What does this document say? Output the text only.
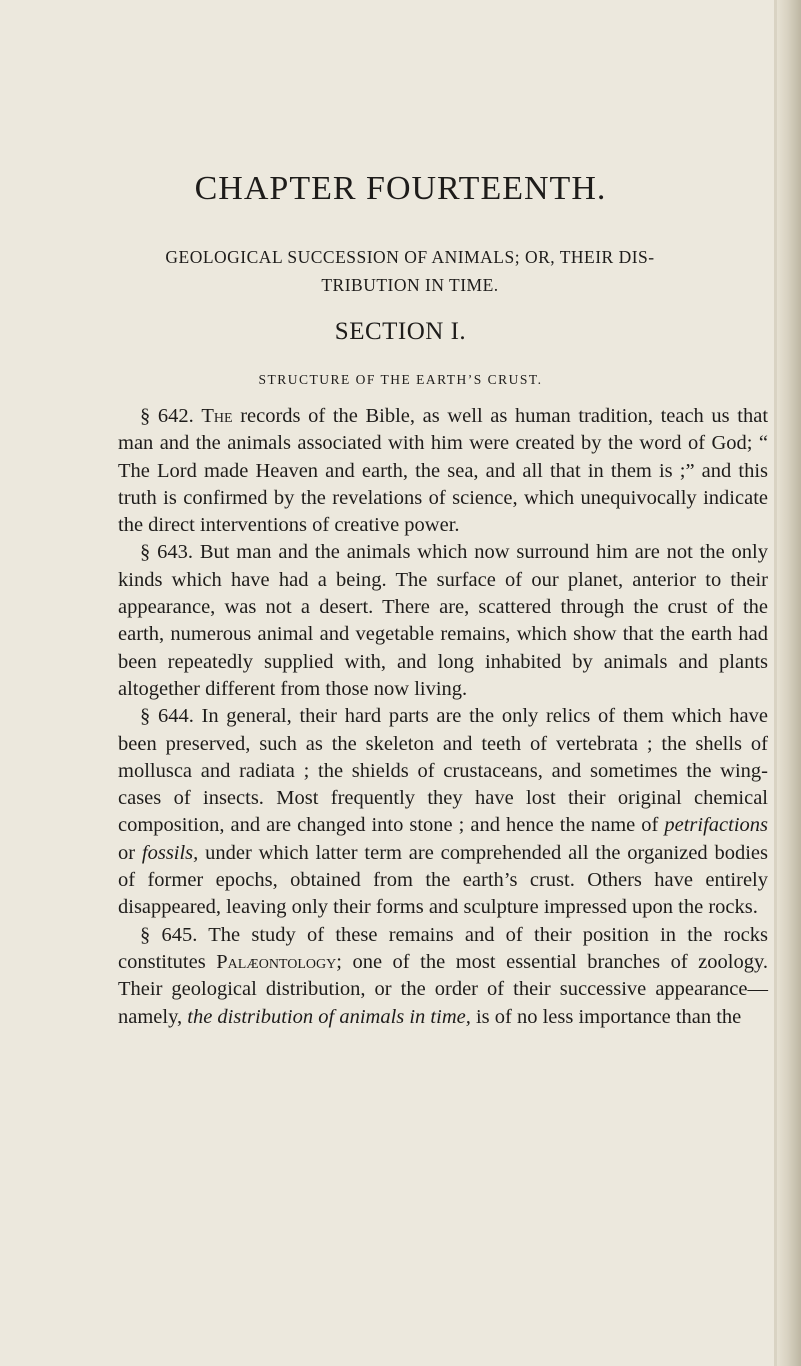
CHAPTER FOURTEENTH.
GEOLOGICAL SUCCESSION OF ANIMALS; OR, THEIR DIS-
TRIBUTION IN TIME.
SECTION I.
STRUCTURE OF THE EARTH’S CRUST.

§ 642. The records of the Bible, as well as human tradition, teach us that man and the animals associated with him were created by the word of God; “ The Lord made Heaven and earth, the sea, and all that in them is ;” and this truth is confirmed by the revelations of science, which unequivocally indicate the direct interventions of creative power.

§ 643. But man and the animals which now surround him are not the only kinds which have had a being. The surface of our planet, anterior to their appearance, was not a desert. There are, scattered through the crust of the earth, numerous animal and vegetable remains, which show that the earth had been repeatedly supplied with, and long inhabited by animals and plants altogether different from those now living.

§ 644. In general, their hard parts are the only relics of them which have been preserved, such as the skeleton and teeth of vertebrata ; the shells of mollusca and radiata ; the shields of crustaceans, and sometimes the wing-cases of insects. Most frequently they have lost their original chemical composition, and are changed into stone ; and hence the name of petrifactions or fossils, under which latter term are comprehended all the organized bodies of former epochs, obtained from the earth’s crust. Others have entirely disappeared, leaving only their forms and sculpture impressed upon the rocks.

§ 645. The study of these remains and of their position in the rocks constitutes Palæontology; one of the most essential branches of zoology. Their geological distribution, or the order of their successive appearance—namely, the distribution of animals in time, is of no less importance than the
